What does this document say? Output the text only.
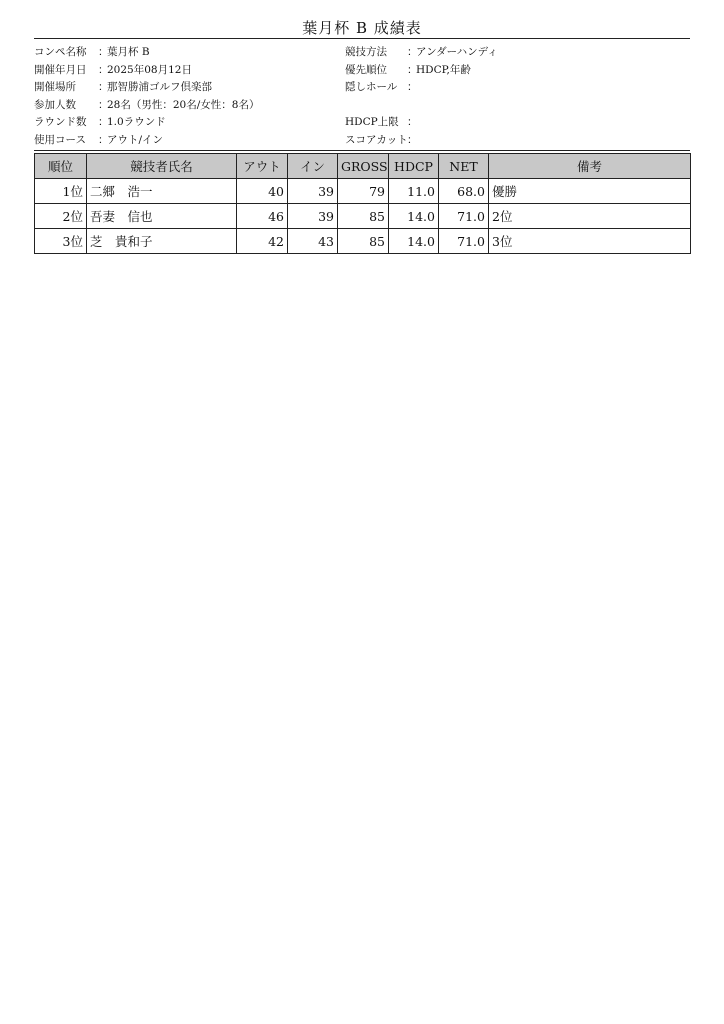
葉月杯 B 成績表
コンペ名称	：
葉月杯 B
開催年月日	：
2025年08月12日
開催場所	：
那智勝浦ゴルフ倶楽部
参加人数	：
28名（男性：20名/女性：8名）
ラウンド数	：
1.0ラウンド
使用コース	：
アウト/イン
競技方法	：
アンダーハンディ
優先順位	：
HDCP,年齢
隠しホール ：
HDCP上限 ：
スコアカット ：
順位	競技者氏名	アウト	イン	GROSS	HDCP	NET	備考
1位	二郷　浩一	40	39	79	11.0	68.0	優勝
2位	吾妻　信也	46	39	85	14.0	71.0	2位
3位	芝　貴和子	42	43	85	14.0	71.0	3位
